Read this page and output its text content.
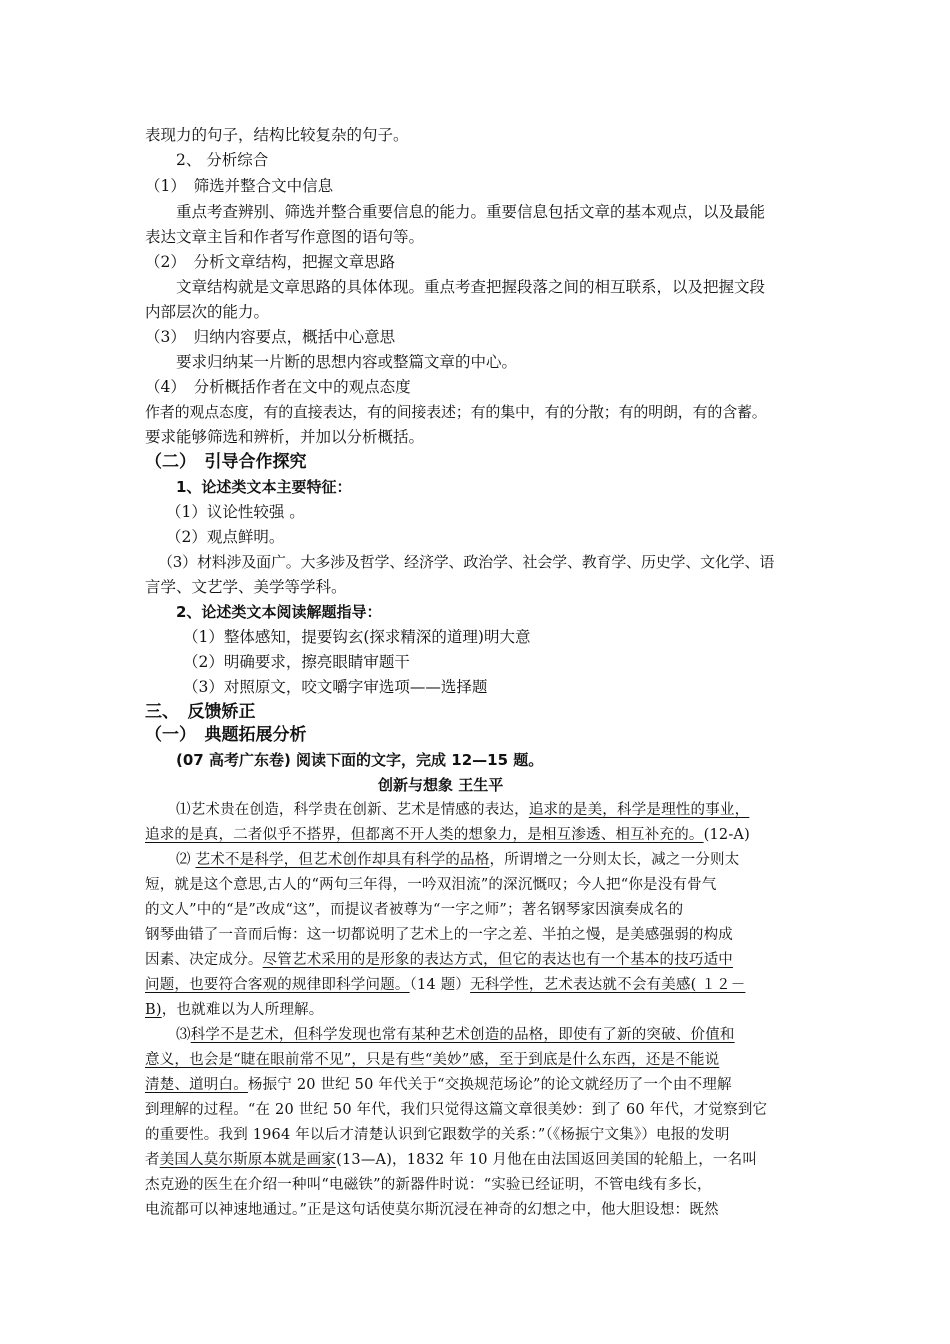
表现力的句子，结构比较复杂的句子。
2、 分析综合
（1）　筛选并整合文中信息
重点考查辨别、筛选并整合重要信息的能力。重要信息包括文章的基本观点，以及最能
表达文章主旨和作者写作意图的语句等。
（2）　分析文章结构，把握文章思路
文章结构就是文章思路的具体体现。重点考查把握段落之间的相互联系，以及把握文段
内部层次的能力。
（3）　归纳内容要点，概括中心意思
要求归纳某一片断的思想内容或整篇文章的中心。
（4）　分析概括作者在文中的观点态度
作者的观点态度，有的直接表达，有的间接表述；有的集中，有的分散；有的明朗，有的含蓄。
要求能够筛选和辨析，并加以分析概括。
（二）　引导合作探究
1、论述类文本主要特征：
（1）议论性较强 。
（2）观点鲜明。
（3）材料涉及面广。大多涉及哲学、经济学、政治学、社会学、教育学、历史学、文化学、语
言学、文艺学、美学等学科。
2、论述类文本阅读解题指导：
（1）整体感知，提要钩玄(探求精深的道理)明大意
（2）明确要求，擦亮眼睛审题干
（3）对照原文，咬文嚼字审选项——选择题
三、　反馈矫正
（一）　典题拓展分析
(07 高考广东卷) 阅读下面的文字，完成 12—15 题。
创新与想象 王生平
⑴艺术贵在创造，科学贵在创新、艺术是情感的表达，追求的是美，科学是理性的事业，
追求的是真，二者似乎不搭界，但都离不开人类的想象力，是相互渗透、相互补充的。(12-A)
⑵ 艺术不是科学，但艺术创作却具有科学的品格，所谓增之一分则太长，减之一分则太
短，就是这个意思,古人的“两句三年得，一吟双泪流”的深沉慨叹；今人把“你是没有骨气
的文人”中的“是”改成“这”，而提议者被尊为“一字之师”；著名钢琴家因演奏成名的
钢琴曲错了一音而后悔：这一切都说明了艺术上的一字之差、半拍之慢，是美感强弱的构成
因素、决定成分。尽管艺术采用的是形象的表达方式，但它的表达也有一个基本的技巧适中
问题，也要符合客观的规律即科学问题。（14 题）无科学性，艺术表达就不会有美感( １２－
B)，也就难以为人所理解。
⑶科学不是艺术，但科学发现也常有某种艺术创造的品格，即使有了新的突破、价值和
意义，也会是“睫在眼前常不见”，只是有些“美妙”感，至于到底是什么东西，还是不能说
清楚、道明白。杨振宁 20 世纪 50 年代关于“交换规范场论”的论文就经历了一个由不理解
到理解的过程。“在 20 世纪 50 年代，我们只觉得这篇文章很美妙：到了 60 年代，才觉察到它
的重要性。我到 1964 年以后才清楚认识到它跟数学的关系：”（《杨振宁文集》）电报的发明
者美国人莫尔斯原本就是画家(13—A)，1832 年 10 月他在由法国返回美国的轮船上，一名叫
杰克逊的医生在介绍一种叫“电磁铁”的新器件时说：“实验已经证明，不管电线有多长，
电流都可以神速地通过。”正是这句话使莫尔斯沉浸在神奇的幻想之中，他大胆设想：既然
